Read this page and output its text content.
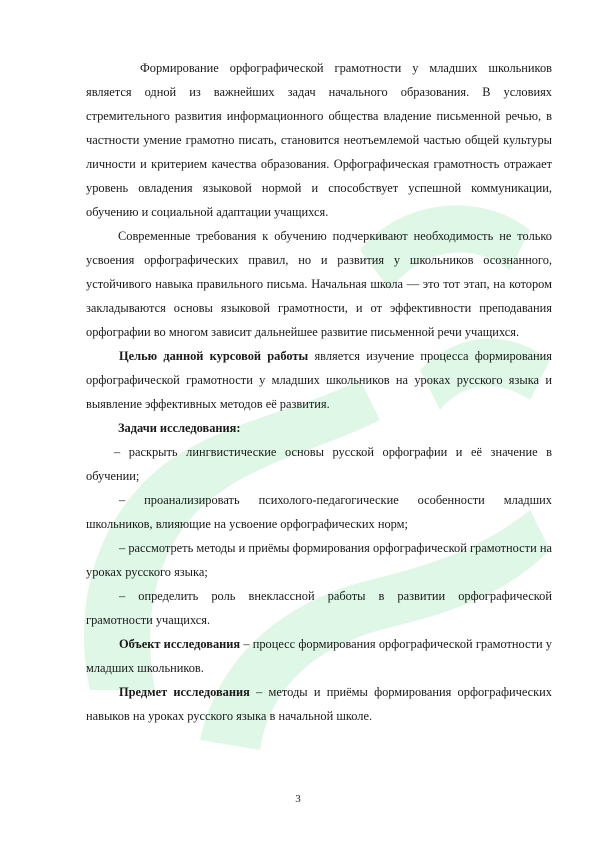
Формирование орфографической грамотности у младших школьников является одной из важнейших задач начального образования. В условиях стремительного развития информационного общества владение письменной речью, в частности умение грамотно писать, становится неотъемлемой частью общей культуры личности и критерием качества образования. Орфографическая грамотность отражает уровень овладения языковой нормой и способствует успешной коммуникации, обучению и социальной адаптации учащихся.

Современные требования к обучению подчеркивают необходимость не только усвоения орфографических правил, но и развития у школьников осознанного, устойчивого навыка правильного письма. Начальная школа — это тот этап, на котором закладываются основы языковой грамотности, и от эффективности преподавания орфографии во многом зависит дальнейшее развитие письменной речи учащихся.

Целью данной курсовой работы является изучение процесса формирования орфографической грамотности у младших школьников на уроках русского языка и выявление эффективных методов её развития.

Задачи исследования:

– раскрыть лингвистические основы русской орфографии и её значение в обучении;

– проанализировать психолого-педагогические особенности младших школьников, влияющие на усвоение орфографических норм;

– рассмотреть методы и приёмы формирования орфографической грамотности на уроках русского языка;

– определить роль внеклассной работы в развитии орфографической грамотности учащихся.

Объект исследования – процесс формирования орфографической грамотности у младших школьников.

Предмет исследования – методы и приёмы формирования орфографических навыков на уроках русского языка в начальной школе.

3
